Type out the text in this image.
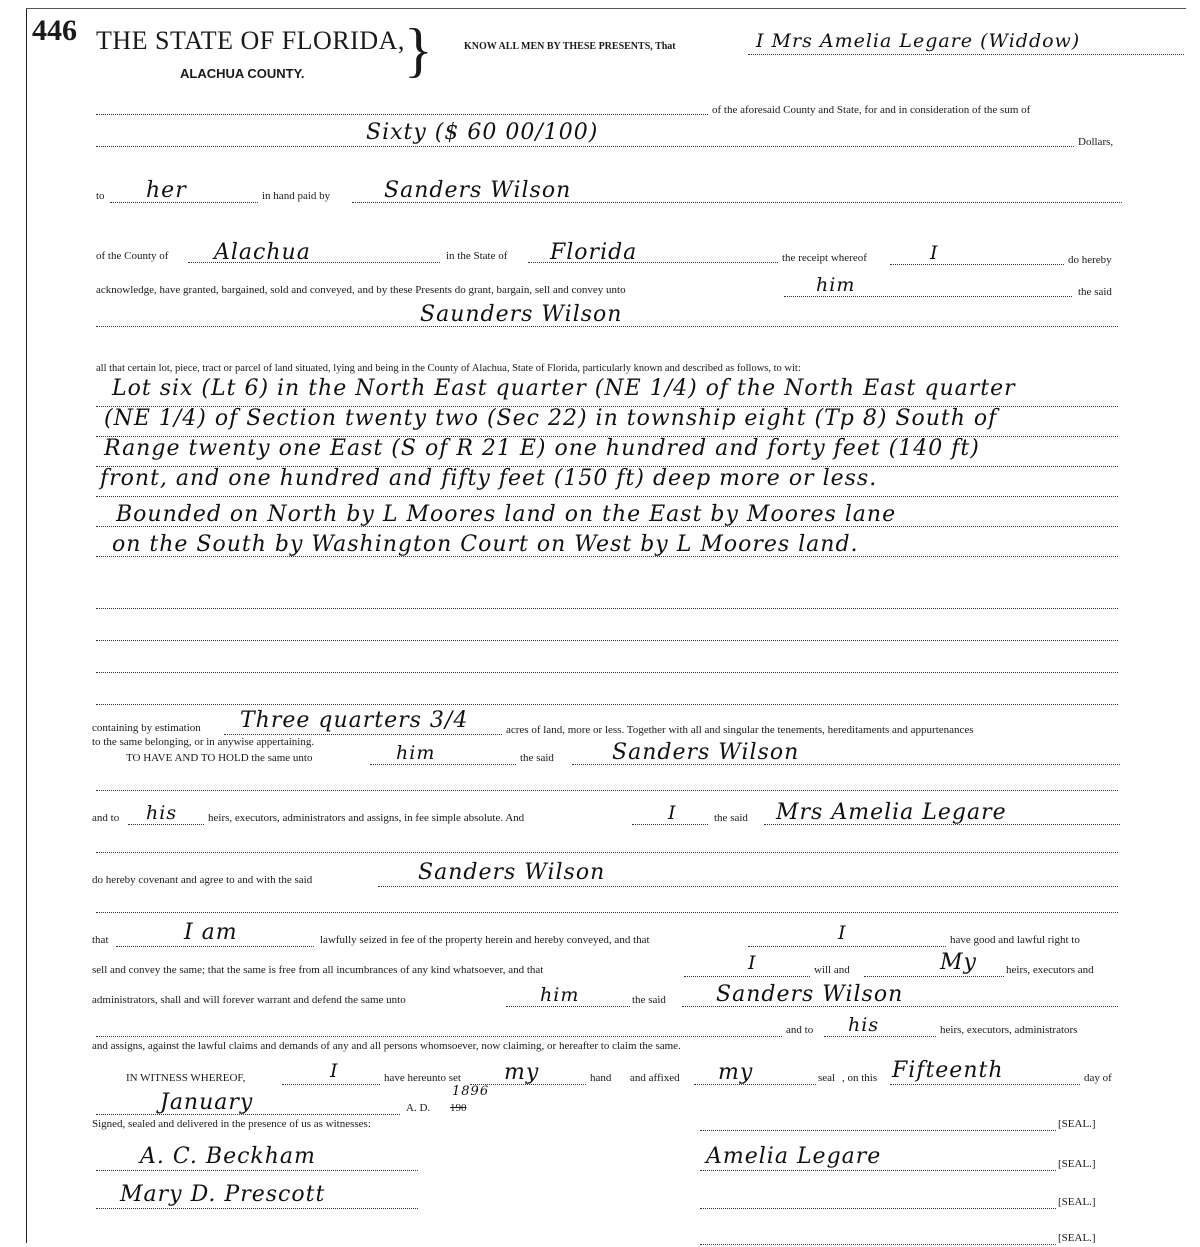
446 THE STATE OF FLORIDA, }
ALACHUA COUNTY.
KNOW ALL MEN BY THESE PRESENTS, That	I Mrs Amelia Legare (Widdow)
of the aforesaid County and State, for and in consideration of the sum of
Sixty ($ 60 00/100)	Dollars,
to her	in hand paid by Sanders Wilson
of the County of Alachua	in the State of Florida	the receipt whereof	I	do hereby
acknowledge, have granted, bargained, sold and conveyed, and by these Presents do grant, bargain, sell and convey unto	him	the said
Saunders Wilson
all that certain lot, piece, tract or parcel of land situated, lying and being in the County of Alachua, State of Florida, particularly known and described as follows, to wit:
Lot six (Lt 6) in the North East quarter (NE 1/4) of the North East quarter
(NE 1/4) of Section twenty two (Sec 22) in township eight (Tp 8) South of
Range twenty one East (S of R 21 E) one hundred and forty feet (140 ft)
front, and one hundred and fifty feet (150 ft) deep more or less.
Bounded on North by L Moores land on the East by Moores lane
on the South by Washington Court on West by L Moores land.
containing by estimation Three quarters 3/4	acres of land, more or less. Together with all and singular the tenements, hereditaments and appurtenances
to the same belonging, or in anywise appertaining.
TO HAVE AND TO HOLD the same unto	him	the said	Sanders Wilson
and to his	heirs, executors, administrators and assigns, in fee simple absolute. And	I	the said Mrs Amelia Legare
do hereby covenant and agree to and with the said	Sanders Wilson
that	I am	lawfully seized in fee of the property herein and hereby conveyed, and that	I	have good and lawful right to
sell and convey the same; that the same is free from all incumbrances of any kind whatsoever, and that	I	will and	My	heirs, executors and
administrators, shall and will forever warrant and defend the same unto	him	the said Sanders Wilson
and to his	heirs, executors, administrators
and assigns, against the lawful claims and demands of any and all persons whomsoever, now claiming, or hereafter to claim the same.
IN WITNESS WHEREOF,	I	have hereunto set my	hand and affixed my	seal , on this Fifteenth	day of
January	A. D. 190
1896
Signed, sealed and delivered in the presence of us as witnesses:	[SEAL.]
A. C. Beckham	Amelia Legare	[SEAL.]
Mary D. Prescott	[SEAL.]
[SEAL.]
